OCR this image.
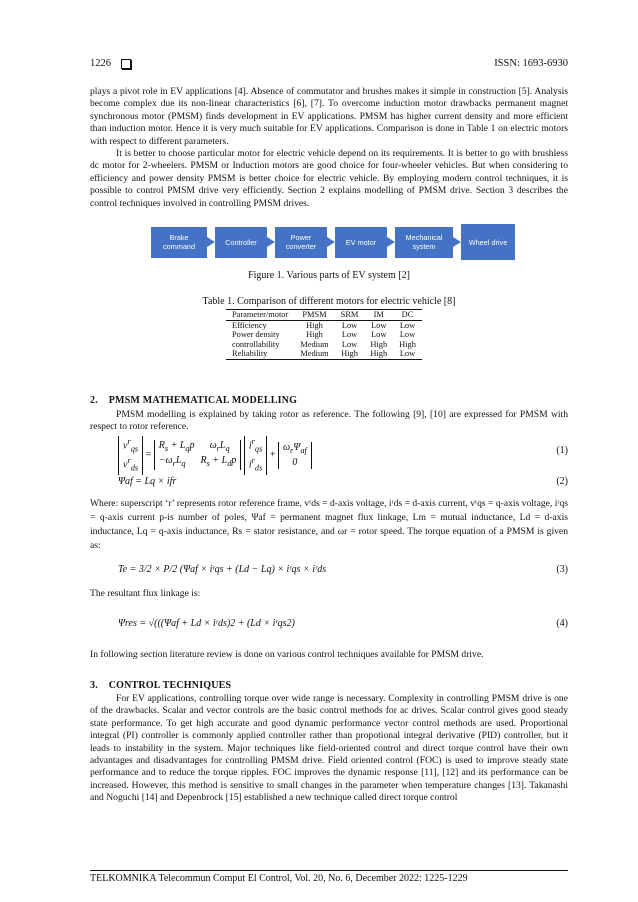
1226	ISSN: 1693-6930
plays a pivot role in EV applications [4]. Absence of commutator and brushes makes it simple in construction [5]. Analysis become complex due its non-linear characteristics [6], [7]. To overcome induction motor drawbacks permanent magnet synchronous motor (PMSM) finds development in EV applications. PMSM has higher current density and more efficient than induction motor. Hence it is very much suitable for EV applications. Comparison is done in Table 1 on electric motors with respect to different parameters.
It is better to choose particular motor for electric vehicle depend on its requirements. It is better to go with brushless dc motor for 2-wheelers. PMSM or Induction motors are good choice for four-wheeler vehicles. But when considering to efficiency and power density PMSM is better choice for electric vehicle. By employing modern control techniques, it is possible to control PMSM drive very efficiently. Section 2 explains modelling of PMSM drive. Section 3 describes the control techniques involved in controlling PMSM drives.
Brake command	Controller	Power converter	EV motor	Mechanical system	Wheel drive
Figure 1. Various parts of EV system [2]
Table 1. Comparison of different motors for electric vehicle [8]
Parameter/motor	PMSM	SRM	IM	DC
Efficiency	High	Low	Low	Low
Power density	High	Low	Low	Low
controllability	Medium	Low	High	High
Reliability	Medium	High	High	Low
2.    PMSM MATHEMATICAL MODELLING
PMSM modelling is explained by taking rotor as reference. The following [9], [10] are expressed for PMSM with respect to rotor reference.
$v^r_{qs}$
$v^r_{ds} = R_s + L_qp$      $\omega_rL_q$
$-\omega_rL_q$      $R_s + L_dp$ $i^r_{qs}$
$i^r_{ds} + \omega_r\Psi_{af}$
0
(1)
Ψaf = Lq × ifr	(2)
Where: superscript ‘r’ represents rotor reference frame, vʳds = d-axis voltage, iʳds = d-axis current, vʳqs = q-axis voltage, iʳqs = q-axis current p-is number of poles, Ψaf = permanent magnet flux linkage, Lm = mutual inductance, Ld = d-axis inductance, Lq = q-axis inductance, Rs = stator resistance, and ωr = rotor speed. The torque equation of a PMSM is given as:
Te = 3/2 × P/2 (Ψaf × iʳqs + (Ld − Lq) × iʳqs × iʳds	(3)
The resultant flux linkage is:
Ψres = √(((Ψaf + Ld × iʳds)2 + (Ld × iʳqs2)	(4)
In following section literature review is done on various control techniques available for PMSM drive.
3.    CONTROL TECHNIQUES
For EV applications, controlling torque over wide range is necessary. Complexity in controlling PMSM drive is one of the drawbacks. Scalar and vector controls are the basic control methods for ac drives. Scalar control gives good steady state performance. To get high accurate and good dynamic performance vector control methods are used. Proportional integral (PI) controller is commonly applied controller rather than propotional integral derivative (PID) controller, but it leads to instability in the system. Major techniques like field-oriented control and direct torque control have their own advantages and disadvantages for controlling PMSM drive. Field oriented control (FOC) is used to improve steady state performance and to reduce the torque ripples. FOC improves the dynamic response [11], [12] and its performance can be increased. However, this method is sensitive to small changes in the parameter when temperature changes [13]. Takanashi and Noguchi [14] and Depenbrock [15] established a new technique called direct torque control
TELKOMNIKA Telecommun Comput El Control, Vol. 20, No. 6, December 2022: 1225-1229
